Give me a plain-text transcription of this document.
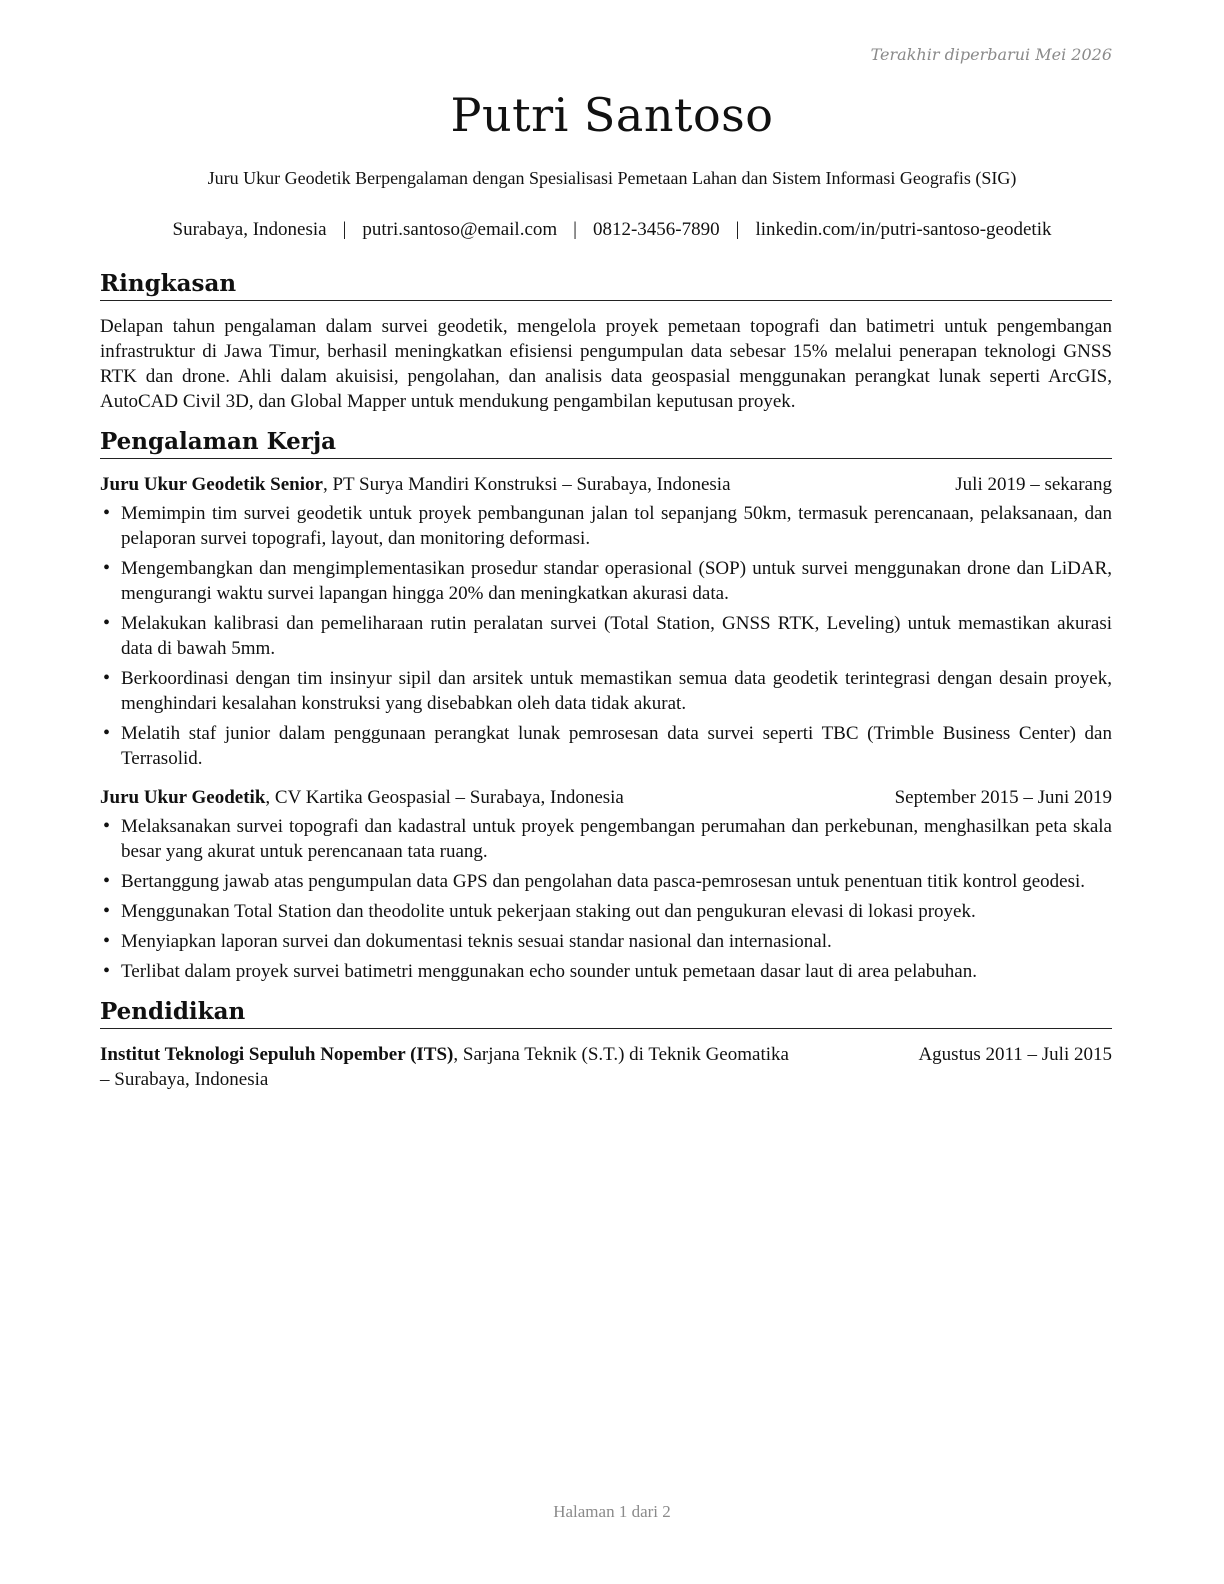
Terakhir diperbarui Mei 2026
Putri Santoso
Juru Ukur Geodetik Berpengalaman dengan Spesialisasi Pemetaan Lahan dan Sistem Informasi Geografis (SIG)
Surabaya, Indonesia | putri.santoso@email.com | 0812-3456-7890 | linkedin.com/in/putri-santoso-geodetik
Ringkasan

Delapan tahun pengalaman dalam survei geodetik, mengelola proyek pemetaan topografi dan batimetri untuk pengembangan infrastruktur di Jawa Timur, berhasil meningkatkan efisiensi pengumpulan data sebesar 15% melalui penerapan teknologi GNSS RTK dan drone. Ahli dalam akuisisi, pengolahan, dan analisis data geospasial menggunakan perangkat lunak seperti ArcGIS, AutoCAD Civil 3D, dan Global Mapper untuk mendukung pengambilan keputusan proyek.

Pengalaman Kerja
Juru Ukur Geodetik Senior, PT Surya Mandiri Konstruksi – Surabaya, Indonesia	Juli 2019 – sekarang
• Memimpin tim survei geodetik untuk proyek pembangunan jalan tol sepanjang 50km, termasuk perencanaan, pelaksanaan, dan pelaporan survei topografi, layout, dan monitoring deformasi.
• Mengembangkan dan mengimplementasikan prosedur standar operasional (SOP) untuk survei menggunakan drone dan LiDAR, mengurangi waktu survei lapangan hingga 20% dan meningkatkan akurasi data.
• Melakukan kalibrasi dan pemeliharaan rutin peralatan survei (Total Station, GNSS RTK, Leveling) untuk memastikan akurasi data di bawah 5mm.
• Berkoordinasi dengan tim insinyur sipil dan arsitek untuk memastikan semua data geodetik terintegrasi dengan desain proyek, menghindari kesalahan konstruksi yang disebabkan oleh data tidak akurat.
• Melatih staf junior dalam penggunaan perangkat lunak pemrosesan data survei seperti TBC (Trimble Business Center) dan Terrasolid.
Juru Ukur Geodetik, CV Kartika Geospasial – Surabaya, Indonesia	September 2015 – Juni 2019
• Melaksanakan survei topografi dan kadastral untuk proyek pengembangan perumahan dan perkebunan, menghasilkan peta skala besar yang akurat untuk perencanaan tata ruang.
• Bertanggung jawab atas pengumpulan data GPS dan pengolahan data pasca-pemrosesan untuk penentuan titik kontrol geodesi.
• Menggunakan Total Station dan theodolite untuk pekerjaan staking out dan pengukuran elevasi di lokasi proyek.
• Menyiapkan laporan survei dan dokumentasi teknis sesuai standar nasional dan internasional.
• Terlibat dalam proyek survei batimetri menggunakan echo sounder untuk pemetaan dasar laut di area pelabuhan.
Pendidikan
Institut Teknologi Sepuluh Nopember (ITS), Sarjana Teknik (S.T.) di Teknik Geomatika	Agustus 2011 – Juli 2015
– Surabaya, Indonesia
Halaman 1 dari 2
